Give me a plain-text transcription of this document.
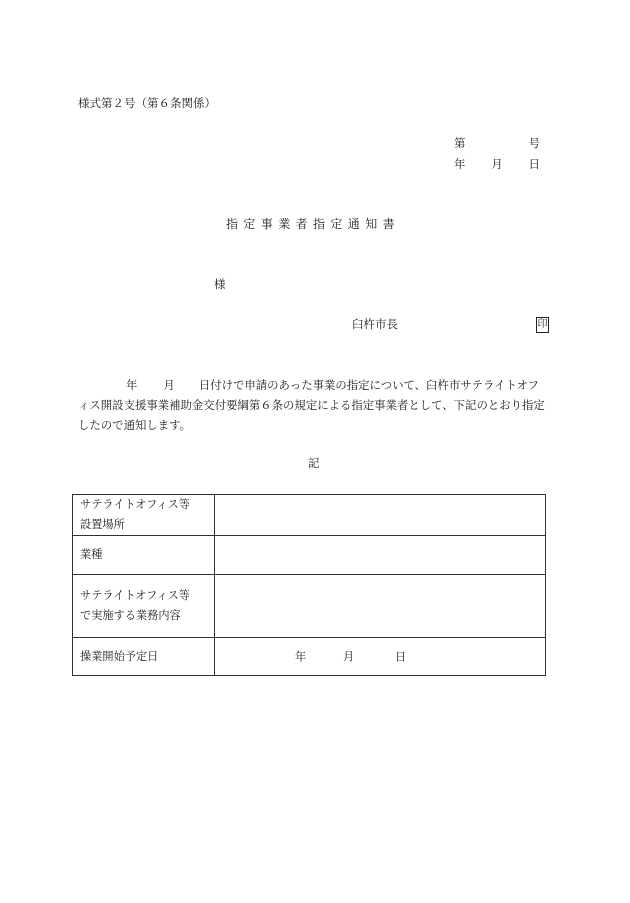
様式第２号（第６条関係）
第	号
年 月 日
指定事業者指定通知書
様
臼杵市長	印
年 月 日付けで申請のあった事業の指定について、臼杵市サテライトオフィス開設支援事業補助金交付要綱第６条の規定による指定事業者として、下記のとおり指定したので通知します。
記
サテライトオフィス等
設置場所	

業種	

サテライトオフィス等
で実施する業務内容	

操業開始予定日	年 月 日
